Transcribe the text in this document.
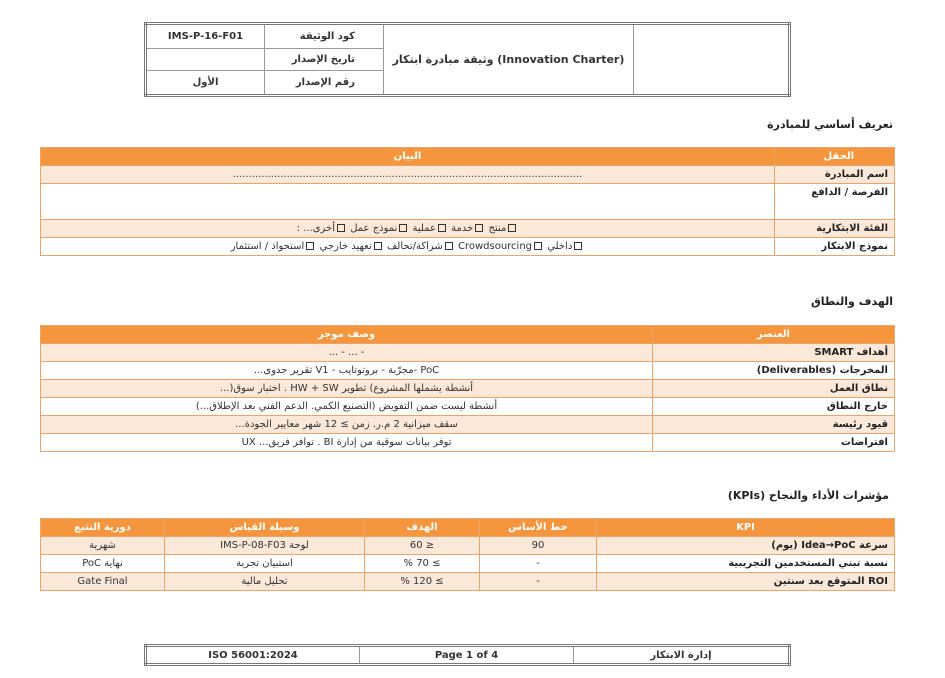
IMS-P-16-F01	كود الوثيقة	وثيقة مبادرة ابتكار (Innovation Charter)	
	تاريخ الإصدار		
الأول	رقم الإصدار		
تعريف أساسي للمبادرة
الحقل	البيان
اسم المبادرة	..............................................................................................................
الفرصة / الدافع	
الفئة الابتكارية	منتج خدمة عملية نموذج عمل أخرى... :
نموذج الابتكار	داخلي Crowdsourcing شراكة/تحالف تعهيد خارجي استحواذ / استثمار
الهدف والنطاق
العنصر	وصف موجز
أهداف SMART	- ... - ...
المخرجات (Deliverables)	PoC -مجرّبة - بروتوتايب - V1 تقرير جدوى...
نطاق العمل	أنشطة يشملها المشروع) تطوير HW + SW . اختبار سوق(...
خارج النطاق	أنشطة ليست ضمن التفويض (التصنيع الكمي. الدعم الفني بعد الإطلاق...)
قيود رئيسة	سقف ميزانية 2 م.ر. زمن ≥ 12 شهر معايير الجودة...
افتراضات	توفر بيانات سوقية من إدارة BI . توافر فريق... UX
مؤشرات الأداء والنجاح (KPIs)
KPI	خط الأساس	الهدف	وسيلة القياس	دورية التتبع
سرعة Idea→PoC (يوم)	90	≤ 60	لوحة IMS-P-08-F03	شهرية
نسبة تبني المستخدمين التجريبية	-	≥ 70 %	استبيان تجربة	نهاية PoC
ROI المتوقع بعد سنتين	-	≥ 120 %	تحليل مالية	Gate Final
ISO 56001:2024	Page 1 of 4	إدارة الابتكار
